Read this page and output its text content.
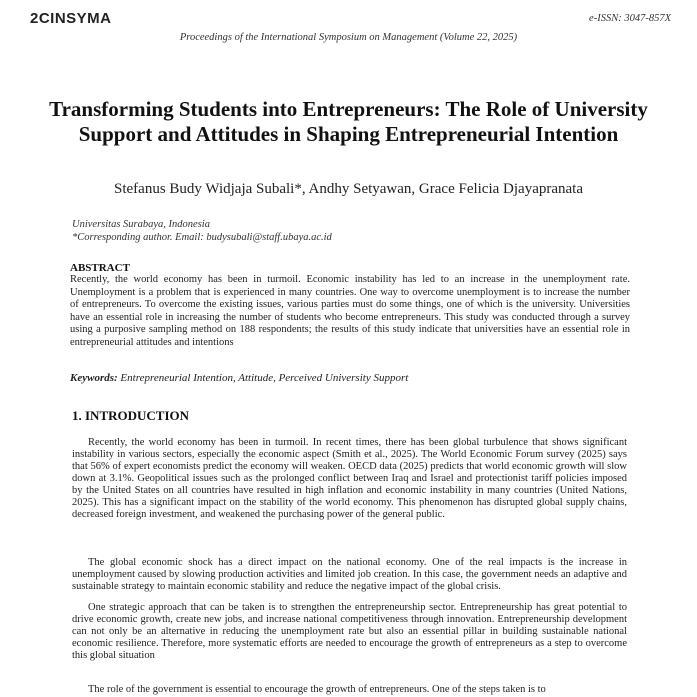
2CINSYMA	e-ISSN: 3047-857X
Proceedings of the International Symposium on Management (Volume 22, 2025)
Transforming Students into Entrepreneurs: The Role of University Support and Attitudes in Shaping Entrepreneurial Intention
Stefanus Budy Widjaja Subali*, Andhy Setyawan, Grace Felicia Djayapranata
Universitas Surabaya, Indonesia
*Corresponding author. Email: budysubali@staff.ubaya.ac.id
ABSTRACT
Recently, the world economy has been in turmoil. Economic instability has led to an increase in the unemployment rate. Unemployment is a problem that is experienced in many countries. One way to overcome unemployment is to increase the number of entrepreneurs. To overcome the existing issues, various parties must do some things, one of which is the university. Universities have an essential role in increasing the number of students who become entrepreneurs. This study was conducted through a survey using a purposive sampling method on 188 respondents; the results of this study indicate that universities have an essential role in entrepreneurial attitudes and intentions
Keywords: Entrepreneurial Intention, Attitude, Perceived University Support
1. INTRODUCTION
Recently, the world economy has been in turmoil. In recent times, there has been global turbulence that shows significant instability in various sectors, especially the economic aspect (Smith et al., 2025). The World Economic Forum survey (2025) says that 56% of expert economists predict the economy will weaken. OECD data (2025) predicts that world economic growth will slow down at 3.1%. Geopolitical issues such as the prolonged conflict between Iraq and Israel and protectionist tariff policies imposed by the United States on all countries have resulted in high inflation and economic instability in many countries (United Nations, 2025). This has a significant impact on the stability of the world economy. This phenomenon has disrupted global supply chains, decreased foreign investment, and weakened the purchasing power of the general public.
The global economic shock has a direct impact on the national economy. One of the real impacts is the increase in unemployment caused by slowing production activities and limited job creation. In this case, the government needs an adaptive and sustainable strategy to maintain economic stability and reduce the negative impact of the global crisis.
One strategic approach that can be taken is to strengthen the entrepreneurship sector. Entrepreneurship has great potential to drive economic growth, create new jobs, and increase national competitiveness through innovation. Entrepreneurship development can not only be an alternative in reducing the unemployment rate but also an essential pillar in building sustainable national economic resilience. Therefore, more systematic efforts are needed to encourage the growth of entrepreneurs as a step to overcome this global situation
The role of the government is essential to encourage the growth of entrepreneurs. One of the steps taken is to
